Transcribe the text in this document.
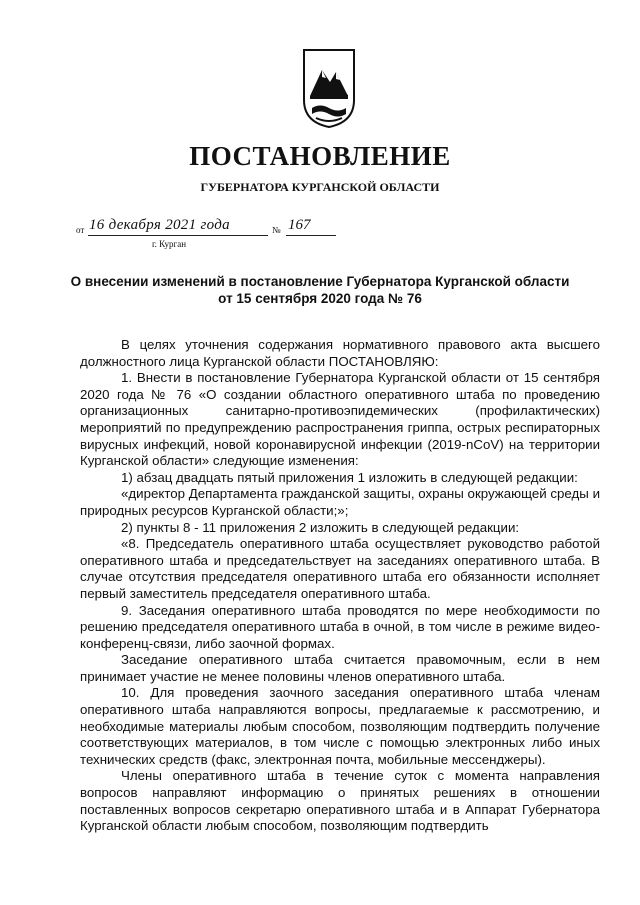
ПОСТАНОВЛЕНИЕ
ГУБЕРНАТОРА КУРГАНСКОЙ ОБЛАСТИ
от 16 декабря 2021 года	№ 167
г. Курган
О внесении изменений в постановление Губернатора Курганской области
от 15 сентября 2020 года № 76

В целях уточнения содержания нормативного правового акта высшего должностного лица Курганской области ПОСТАНОВЛЯЮ:

1. Внести в постановление Губернатора Курганской области от 15 сентября 2020 года № 76 «О создании областного оперативного штаба по проведению организационных санитарно-противоэпидемических (профилактических) мероприятий по предупреждению распространения гриппа, острых респираторных вирусных инфекций, новой коронавирусной инфекции (2019-nCoV) на территории Курганской области» следующие изменения:

1) абзац двадцать пятый приложения 1 изложить в следующей редакции:

«директор Департамента гражданской защиты, охраны окружающей среды и природных ресурсов Курганской области;»;

2) пункты 8 - 11 приложения 2 изложить в следующей редакции:

«8. Председатель оперативного штаба осуществляет руководство работой оперативного штаба и председательствует на заседаниях оперативного штаба. В случае отсутствия председателя оперативного штаба его обязанности исполняет первый заместитель председателя оперативного штаба.

9. Заседания оперативного штаба проводятся по мере необходимости по решению председателя оперативного штаба в очной, в том числе в режиме видео-конференц-связи, либо заочной формах.

Заседание оперативного штаба считается правомочным, если в нем принимает участие не менее половины членов оперативного штаба.

10. Для проведения заочного заседания оперативного штаба членам оперативного штаба направляются вопросы, предлагаемые к рассмотрению, и необходимые материалы любым способом, позволяющим подтвердить получение соответствующих материалов, в том числе с помощью электронных либо иных технических средств (факс, электронная почта, мобильные мессенджеры).

Члены оперативного штаба в течение суток с момента направления вопросов направляют информацию о принятых решениях в отношении поставленных вопросов секретарю оперативного штаба и в Аппарат Губернатора Курганской области любым способом, позволяющим подтвердить
